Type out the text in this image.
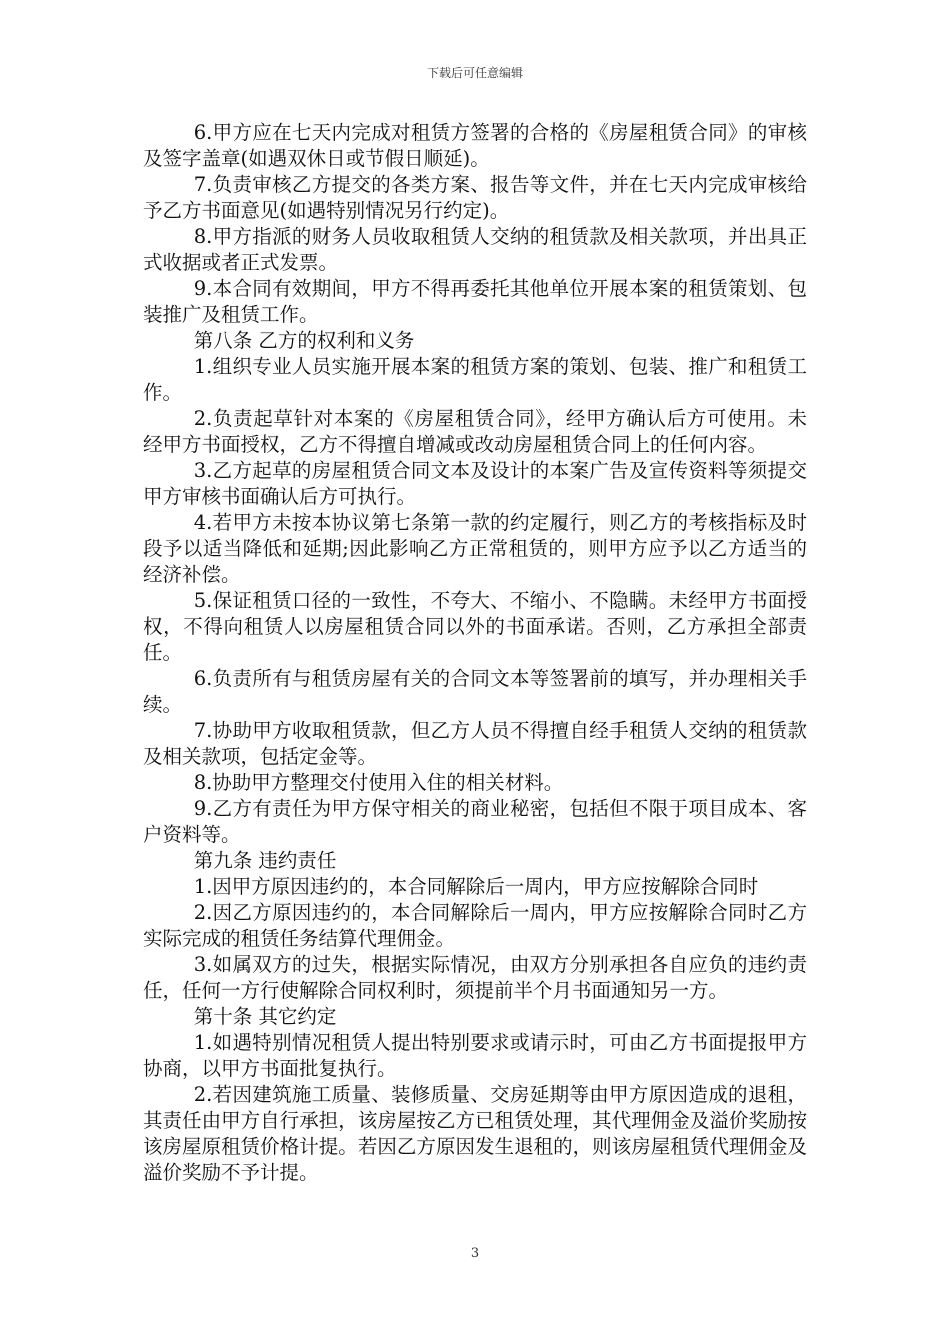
下载后可任意编辑

6.甲方应在七天内完成对租赁方签署的合格的《房屋租赁合同》的审核及签字盖章(如遇双休日或节假日顺延)。

7.负责审核乙方提交的各类方案、报告等文件，并在七天内完成审核给予乙方书面意见(如遇特别情况另行约定)。

8.甲方指派的财务人员收取租赁人交纳的租赁款及相关款项，并出具正式收据或者正式发票。

9.本合同有效期间，甲方不得再委托其他单位开展本案的租赁策划、包装推广及租赁工作。

第八条 乙方的权利和义务

1.组织专业人员实施开展本案的租赁方案的策划、包装、推广和租赁工作。

2.负责起草针对本案的《房屋租赁合同》，经甲方确认后方可使用。未经甲方书面授权，乙方不得擅自增减或改动房屋租赁合同上的任何内容。

3.乙方起草的房屋租赁合同文本及设计的本案广告及宣传资料等须提交甲方审核书面确认后方可执行。

4.若甲方未按本协议第七条第一款的约定履行，则乙方的考核指标及时段予以适当降低和延期;因此影响乙方正常租赁的，则甲方应予以乙方适当的经济补偿。

5.保证租赁口径的一致性，不夸大、不缩小、不隐瞒。未经甲方书面授权，不得向租赁人以房屋租赁合同以外的书面承诺。否则，乙方承担全部责任。

6.负责所有与租赁房屋有关的合同文本等签署前的填写，并办理相关手续。

7.协助甲方收取租赁款，但乙方人员不得擅自经手租赁人交纳的租赁款及相关款项，包括定金等。

8.协助甲方整理交付使用入住的相关材料。

9.乙方有责任为甲方保守相关的商业秘密，包括但不限于项目成本、客户资料等。

第九条 违约责任

1.因甲方原因违约的，本合同解除后一周内，甲方应按解除合同时

2.因乙方原因违约的，本合同解除后一周内，甲方应按解除合同时乙方实际完成的租赁任务结算代理佣金。

3.如属双方的过失，根据实际情况，由双方分别承担各自应负的违约责任，任何一方行使解除合同权利时，须提前半个月书面通知另一方。

第十条 其它约定

1.如遇特别情况租赁人提出特别要求或请示时，可由乙方书面提报甲方协商，以甲方书面批复执行。

2.若因建筑施工质量、装修质量、交房延期等由甲方原因造成的退租，其责任由甲方自行承担，该房屋按乙方已租赁处理，其代理佣金及溢价奖励按该房屋原租赁价格计提。若因乙方原因发生退租的，则该房屋租赁代理佣金及溢价奖励不予计提。

3
